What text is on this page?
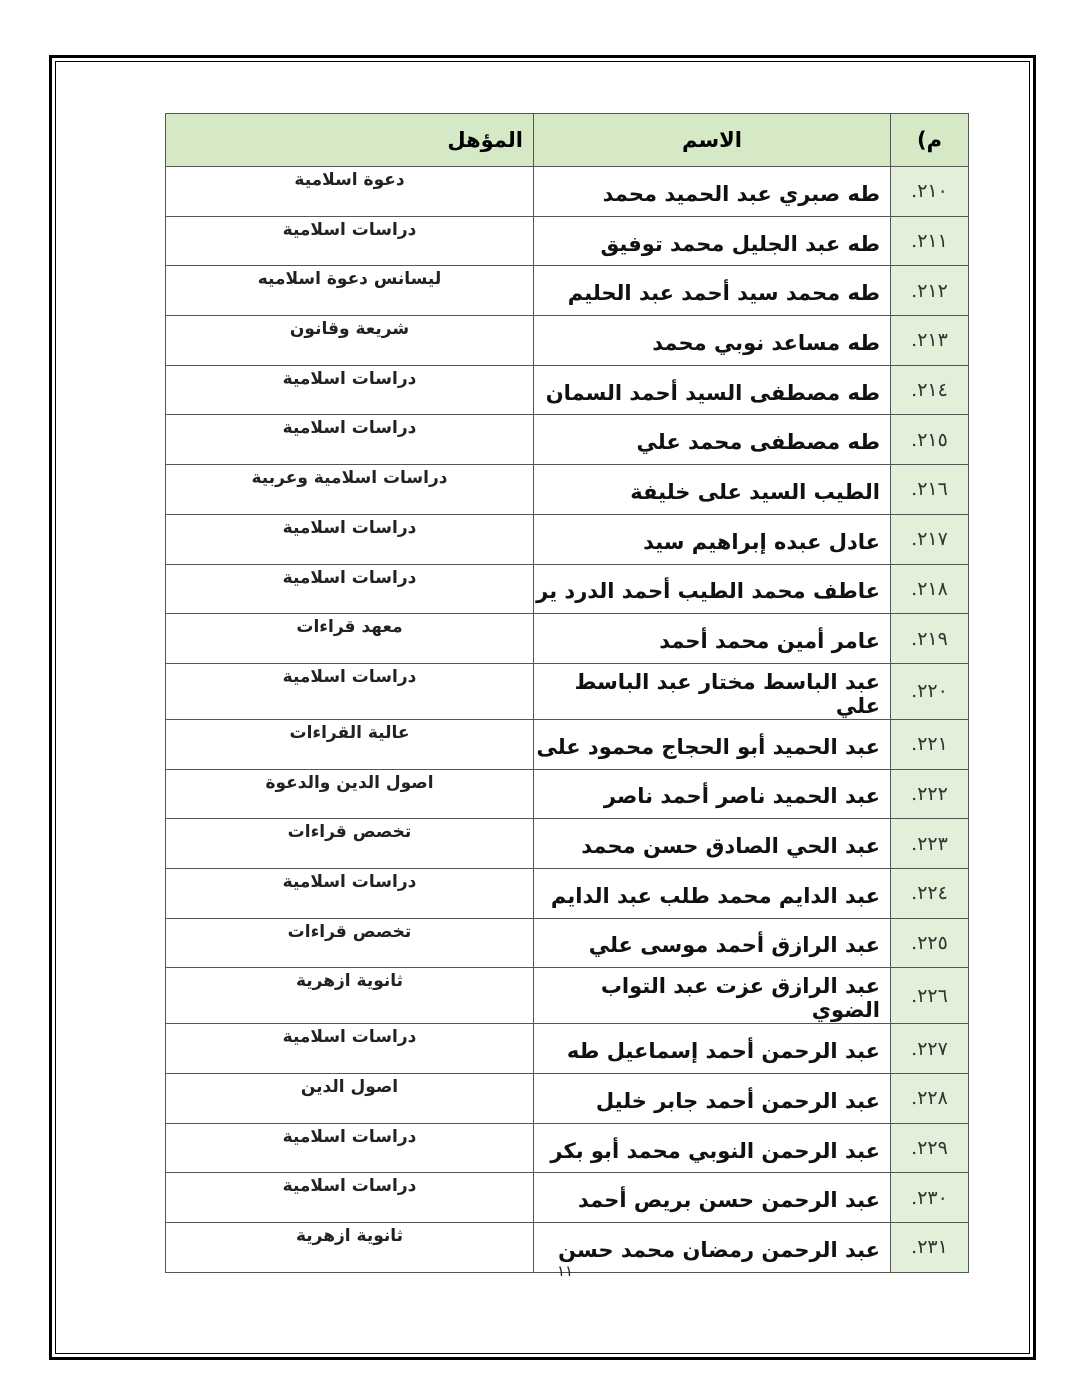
م)	الاسم	المؤهل
٢١٠.	طه صبري عبد الحميد محمد	دعوة اسلامية
٢١١.	طه عبد الجليل محمد توفيق	دراسات اسلامية
٢١٢.	طه محمد سيد أحمد عبد الحليم	ليسانس دعوة اسلاميه
٢١٣.	طه مساعد نوبي محمد	شريعة وقانون
٢١٤.	طه مصطفى السيد أحمد السمان	دراسات اسلامية
٢١٥.	طه مصطفى محمد علي	دراسات اسلامية
٢١٦.	الطيب السيد على خليفة	دراسات اسلامية وعربية
٢١٧.	عادل عبده إبراهيم سيد	دراسات اسلامية
٢١٨.	عاطف محمد الطيب أحمد الدرد ير	دراسات اسلامية
٢١٩.	عامر أمين محمد أحمد	معهد قراءات
٢٢٠.	عبد الباسط مختار عبد الباسط علي	دراسات اسلامية
٢٢١.	عبد الحميد أبو الحجاج محمود على	عالية القراءات
٢٢٢.	عبد الحميد ناصر أحمد ناصر	اصول الدين والدعوة
٢٢٣.	عبد الحي الصادق حسن محمد	تخصص قراءات
٢٢٤.	عبد الدايم محمد طلب عبد الدايم	دراسات اسلامية
٢٢٥.	عبد الرازق أحمد موسى علي	تخصص قراءات
٢٢٦.	عبد الرازق عزت عبد التواب الضوي	ثانوية ازهرية
٢٢٧.	عبد الرحمن أحمد إسماعيل طه	دراسات اسلامية
٢٢٨.	عبد الرحمن أحمد جابر خليل	اصول الدين
٢٢٩.	عبد الرحمن النوبي محمد أبو بكر	دراسات اسلامية
٢٣٠.	عبد الرحمن حسن بريص أحمد	دراسات اسلامية
٢٣١.	عبد الرحمن رمضان محمد حسن	ثانوية ازهرية
١١
